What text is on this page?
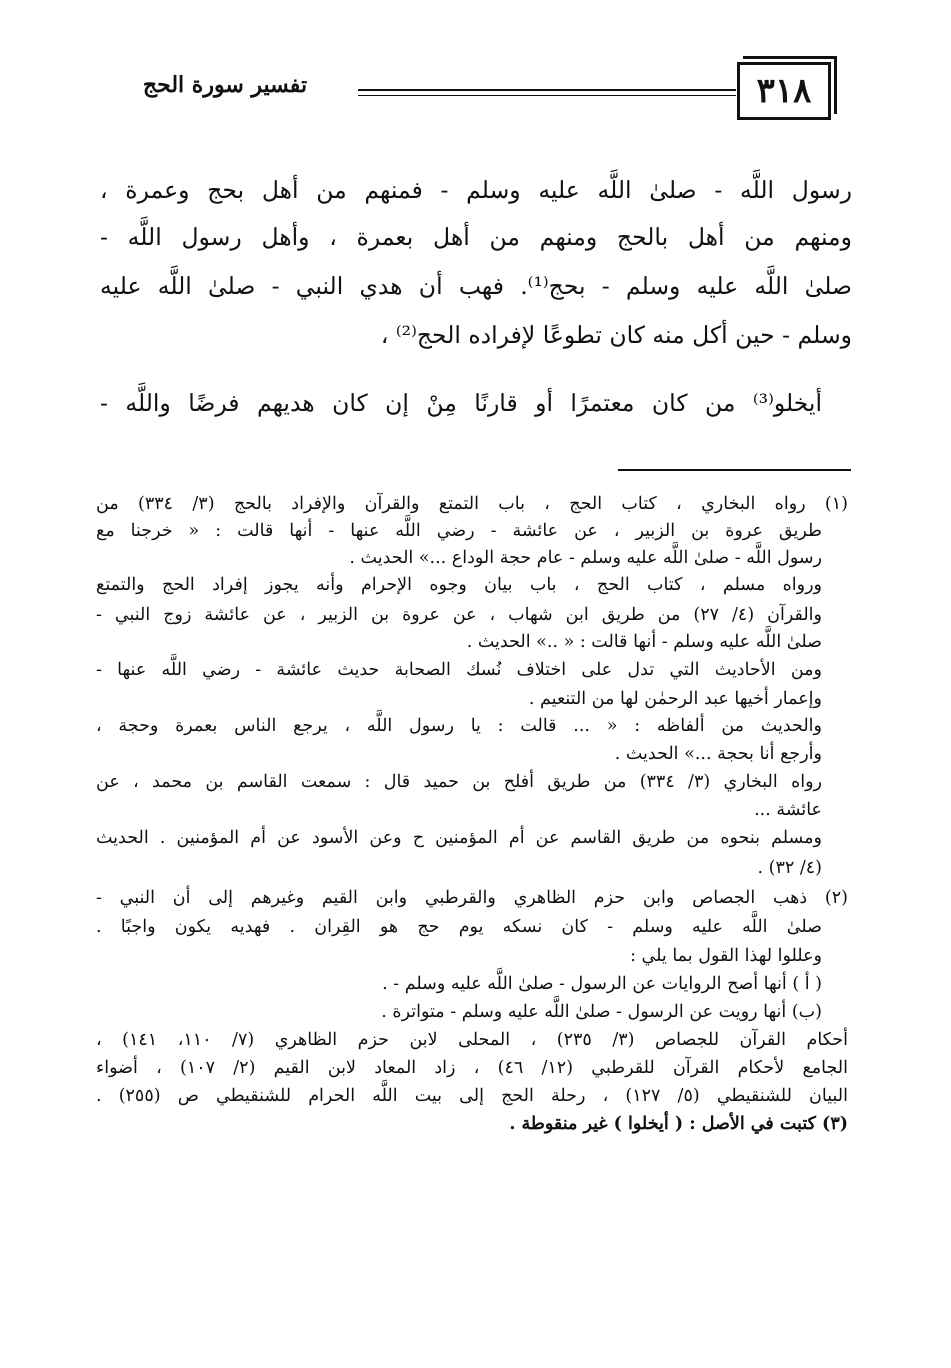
٣١٨
تفسير سورة الحج
رسول اللَّه - صلىٰ اللَّه عليه وسلم - فمنهم من أهل بحج وعمرة ،
ومنهم من أهل بالحج ومنهم من أهل بعمرة ، وأهل رسول اللَّه -
صلىٰ اللَّه عليه وسلم - بحج⁽¹⁾. فهب أن هدي النبي - صلىٰ اللَّه عليه
وسلم - حين أكل منه كان تطوعًا لإفراده الحج⁽²⁾ ،
أيخلو⁽³⁾ من كان معتمرًا أو قارنًا مِنْ إن كان هديهم فرضًا واللَّه -
(١) رواه البخاري ، كتاب الحج ، باب التمتع والقرآن والإفراد بالحج (٣/ ٣٣٤) من
طريق عروة بن الزبير ، عن عائشة - رضي اللَّه عنها - أنها قالت : « خرجنا مع
رسول اللَّه - صلىٰ اللَّه عليه وسلم - عام حجة الوداع ...» الحديث .
ورواه مسلم ، كتاب الحج ، باب بيان وجوه الإحرام وأنه يجوز إفراد الحج والتمتع
والقرآن (٤/ ٢٧) من طريق ابن شهاب ، عن عروة بن الزبير ، عن عائشة زوج النبي -
صلىٰ اللَّه عليه وسلم - أنها قالت : « ..» الحديث .
ومن الأحاديث التي تدل على اختلاف نُسك الصحابة حديث عائشة - رضي اللَّه عنها -
وإعمار أخيها عبد الرحمٰن لها من التنعيم .
والحديث من ألفاظه : « ... قالت : يا رسول اللَّه ، يرجع الناس بعمرة وحجة ،
وأرجع أنا بحجة ...» الحديث .
رواه البخاري (٣/ ٣٣٤) من طريق أفلح بن حميد قال : سمعت القاسم بن محمد ، عن
عائشة ...
ومسلم بنحوه من طريق القاسم عن أم المؤمنين ح وعن الأسود عن أم المؤمنين . الحديث
(٤/ ٣٢) .
(٢) ذهب الجصاص وابن حزم الظاهري والقرطبي وابن القيم وغيرهم إلى أن النبي -
صلىٰ اللَّه عليه وسلم - كان نسكه يوم حج هو القِران . فهديه يكون واجبًا .
وعللوا لهذا القول بما يلي :
( أ ) أنها أصح الروايات عن الرسول - صلىٰ اللَّه عليه وسلم - .
(ب) أنها رويت عن الرسول - صلىٰ اللَّه عليه وسلم - متواترة .
أحكام القرآن للجصاص (٣/ ٢٣٥) ، المحلى لابن حزم الظاهري (٧/ ١١٠، ١٤١) ،
الجامع لأحكام القرآن للقرطبي (١٢/ ٤٦) ، زاد المعاد لابن القيم (٢/ ١٠٧) ، أضواء
البيان للشنقيطي (٥/ ١٢٧) ، رحلة الحج إلى بيت اللَّه الحرام للشنقيطي ص (٢٥٥) .
(٣) كتبت في الأصل : ( أيخلوا ) غير منقوطة .
